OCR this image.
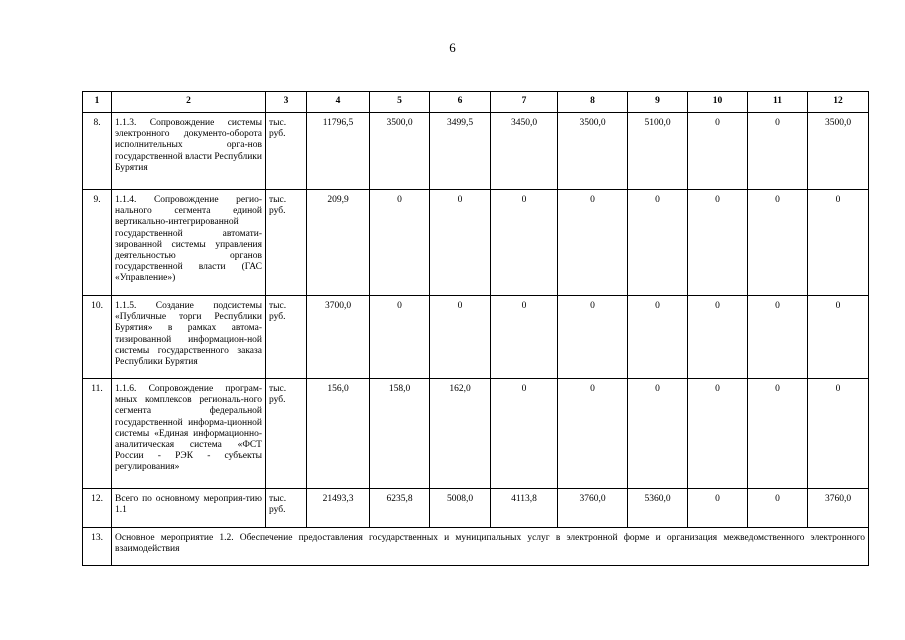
6
1	2	3	4	5	6	7	8	9	10	11	12
8.	1.1.3. Сопровождение системы электронного документо-оборота исполнительных орга-нов государственной власти Республики Бурятия	тыс. руб.	11796,5	3500,0	3499,5	3450,0	3500,0	5100,0	0	0	3500,0
9.	1.1.4. Сопровождение регио-нального сегмента единой вертикально-интегрированной государственной автомати-зированной системы управления деятельностью органов государственной власти (ГАС «Управление»)	тыс. руб.	209,9	0	0	0	0	0	0	0	0
10.	1.1.5. Создание подсистемы «Публичные торги Республики Бурятия» в рамках автома-тизированной информацион-ной системы государственного заказа Республики Бурятия	тыс. руб.	3700,0	0	0	0	0	0	0	0	0
11.	1.1.6. Сопровождение програм-мных комплексов региональ-ного сегмента федеральной государственной информа-ционной системы «Единая информационно-аналитическая система «ФСТ России - РЭК - субъекты регулирования»	тыс. руб.	156,0	158,0	162,0	0	0	0	0	0	0
12.	Всего по основному мероприя-тию 1.1	тыс. руб.	21493,3	6235,8	5008,0	4113,8	3760,0	5360,0	0	0	3760,0
13.	Основное мероприятие 1.2. Обеспечение предоставления государственных и муниципальных услуг в электронной форме и организация межведомственного электронного взаимодействия										
